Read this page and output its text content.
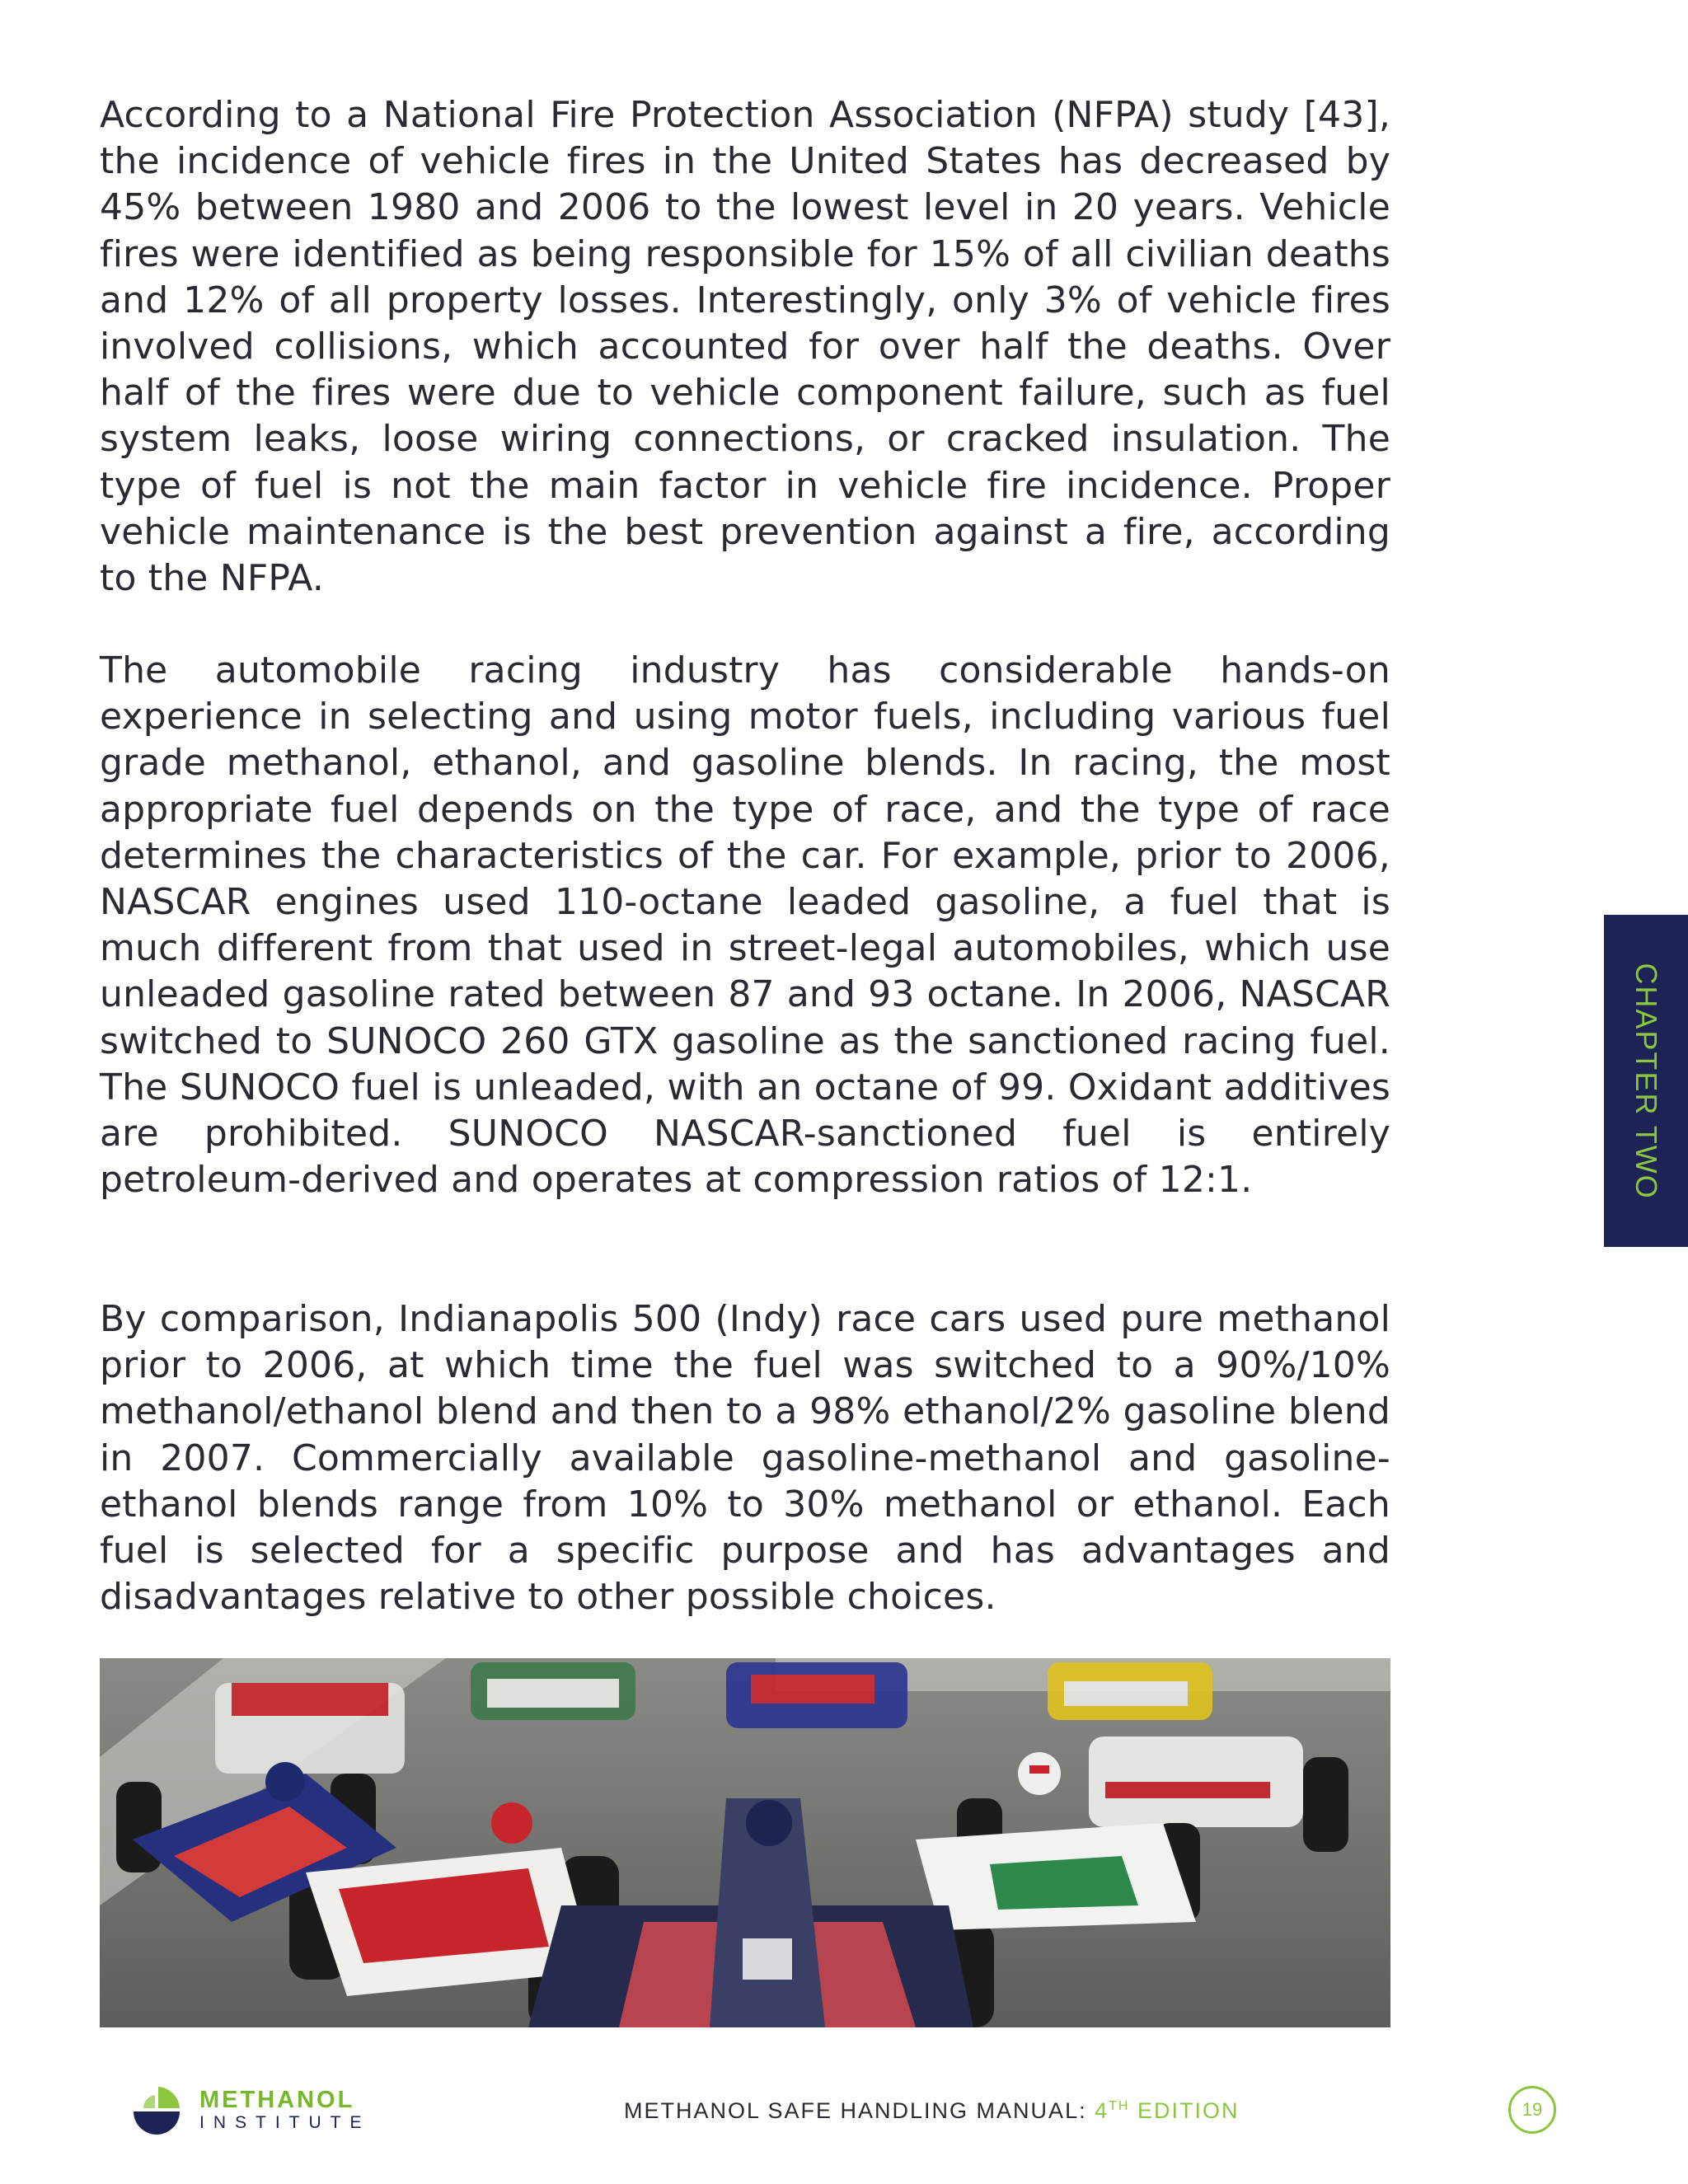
According to a National Fire Protection Association (NFPA) study [43], the incidence of vehicle fires in the United States has decreased by 45% between 1980 and 2006 to the lowest level in 20 years. Vehicle fires were identified as being responsible for 15% of all civilian deaths and 12% of all property losses. Interestingly, only 3% of vehicle fires involved collisions, which accounted for over half the deaths. Over half of the fires were due to vehicle component failure, such as fuel system leaks, loose wiring connections, or cracked insulation. The type of fuel is not the main factor in vehicle fire incidence. Proper vehicle maintenance is the best prevention against a fire, according to the NFPA.

The automobile racing industry has considerable hands-on experience in selecting and using motor fuels, including various fuel grade methanol, ethanol, and gasoline blends. In racing, the most appropriate fuel depends on the type of race, and the type of race determines the characteristics of the car. For example, prior to 2006, NASCAR engines used 110-octane leaded gasoline, a fuel that is much different from that used in street-legal automobiles, which use unleaded gasoline rated between 87 and 93 octane. In 2006, NASCAR switched to SUNOCO 260 GTX gasoline as the sanctioned racing fuel. The SUNOCO fuel is unleaded, with an octane of 99. Oxidant additives are prohibited. SUNOCO NASCAR-sanctioned fuel is entirely petroleum-derived and operates at compression ratios of 12:1.

By comparison, Indianapolis 500 (Indy) race cars used pure methanol prior to 2006, at which time the fuel was switched to a 90%/10% methanol/ethanol blend and then to a 98% ethanol/2% gasoline blend in 2007. Commercially available gasoline-methanol and gasoline-ethanol blends range from 10% to 30% methanol or ethanol. Each fuel is selected for a specific purpose and has advantages and disadvantages relative to other possible choices.

CHAPTER TWO
METHANOL
INSTITUTE	METHANOL SAFE HANDLING MANUAL: 4TH EDITION	19
